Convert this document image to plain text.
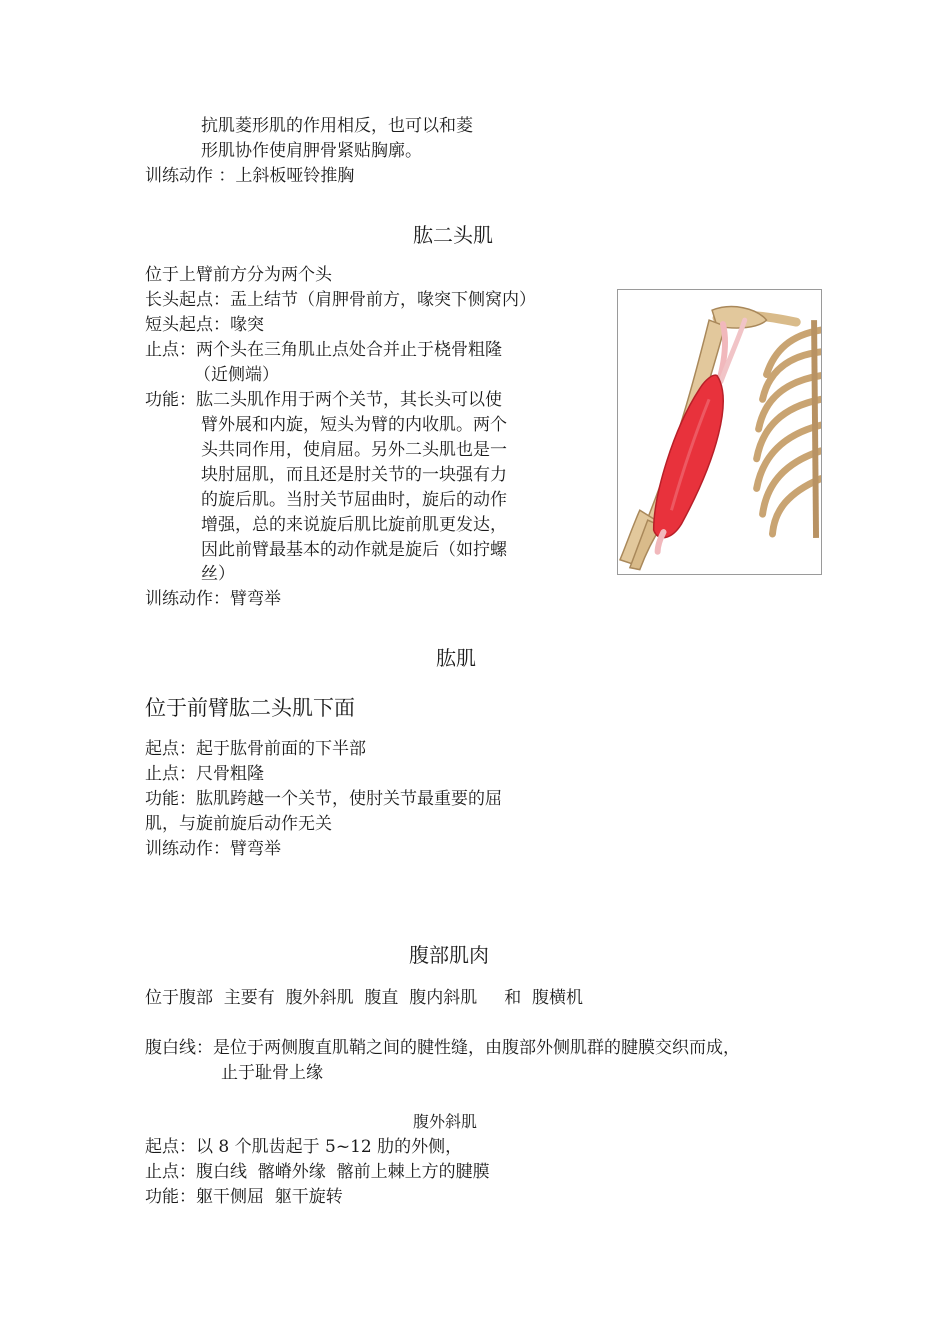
抗肌菱形肌的作用相反，也可以和菱
形肌协作使肩胛骨紧贴胸廓。
训练动作 ：上斜板哑铃推胸
肱二头肌
位于上臂前方分为两个头
长头起点：盂上结节（肩胛骨前方，喙突下侧窝内）
短头起点：喙突
止点：两个头在三角肌止点处合并止于桡骨粗隆
（近侧端）
功能：肱二头肌作用于两个关节，其长头可以使
臂外展和内旋，短头为臂的内收肌。两个
头共同作用，使肩屈。另外二头肌也是一
块肘屈肌，而且还是肘关节的一块强有力
的旋后肌。当肘关节屈曲时，旋后的动作
增强，总的来说旋后肌比旋前肌更发达，
因此前臂最基本的动作就是旋后（如拧螺
丝）
训练动作：臂弯举
肱肌
位于前臂肱二头肌下面
起点：起于肱骨前面的下半部
止点：尺骨粗隆
功能：肱肌跨越一个关节，使肘关节最重要的屈
肌，与旋前旋后动作无关
训练动作：臂弯举
腹部肌肉
位于腹部  主要有  腹外斜肌  腹直  腹内斜肌     和  腹横机
腹白线：是位于两侧腹直肌鞘之间的腱性缝，由腹部外侧肌群的腱膜交织而成，
止于耻骨上缘
腹外斜肌
起点：以 8 个肌齿起于 5~12 肋的外侧，
止点：腹白线  髂嵴外缘  髂前上棘上方的腱膜
功能：躯干侧屈  躯干旋转
